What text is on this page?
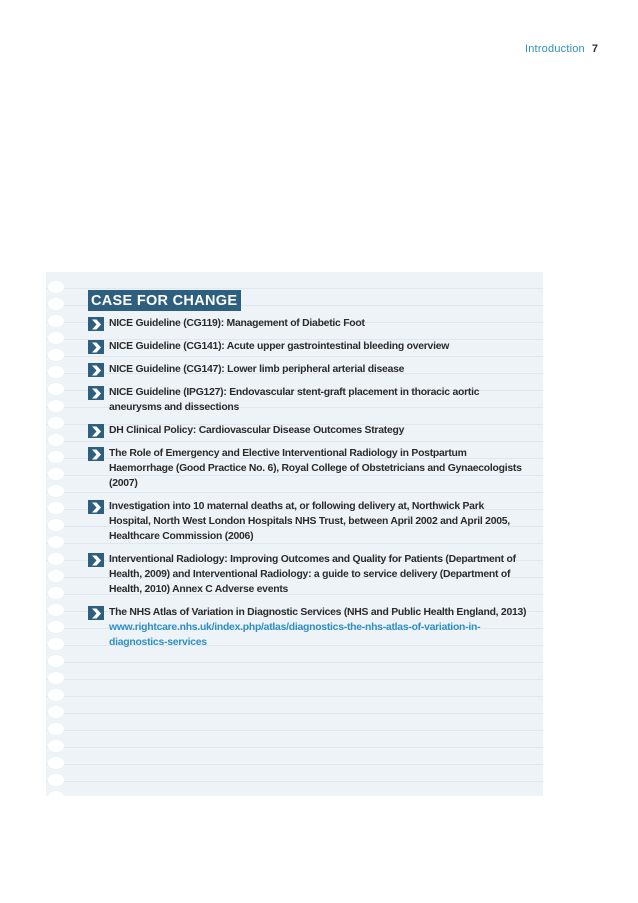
Introduction 7
CASE FOR CHANGE
NICE Guideline (CG119): Management of Diabetic Foot
NICE Guideline (CG141): Acute upper gastrointestinal bleeding overview
NICE Guideline (CG147): Lower limb peripheral arterial disease
NICE Guideline (IPG127): Endovascular stent-graft placement in thoracic aortic aneurysms and dissections
DH Clinical Policy: Cardiovascular Disease Outcomes Strategy
The Role of Emergency and Elective Interventional Radiology in Postpartum Haemorrhage (Good Practice No. 6), Royal College of Obstetricians and Gynaecologists (2007)
Investigation into 10 maternal deaths at, or following delivery at, Northwick Park Hospital, North West London Hospitals NHS Trust, between April 2002 and April 2005, Healthcare Commission (2006)
Interventional Radiology: Improving Outcomes and Quality for Patients (Department of Health, 2009) and Interventional Radiology: a guide to service delivery (Department of Health, 2010) Annex C Adverse events
The NHS Atlas of Variation in Diagnostic Services (NHS and Public Health England, 2013) www.rightcare.nhs.uk/index.php/atlas/diagnostics-the-nhs-atlas-of-variation-in-diagnostics-services
